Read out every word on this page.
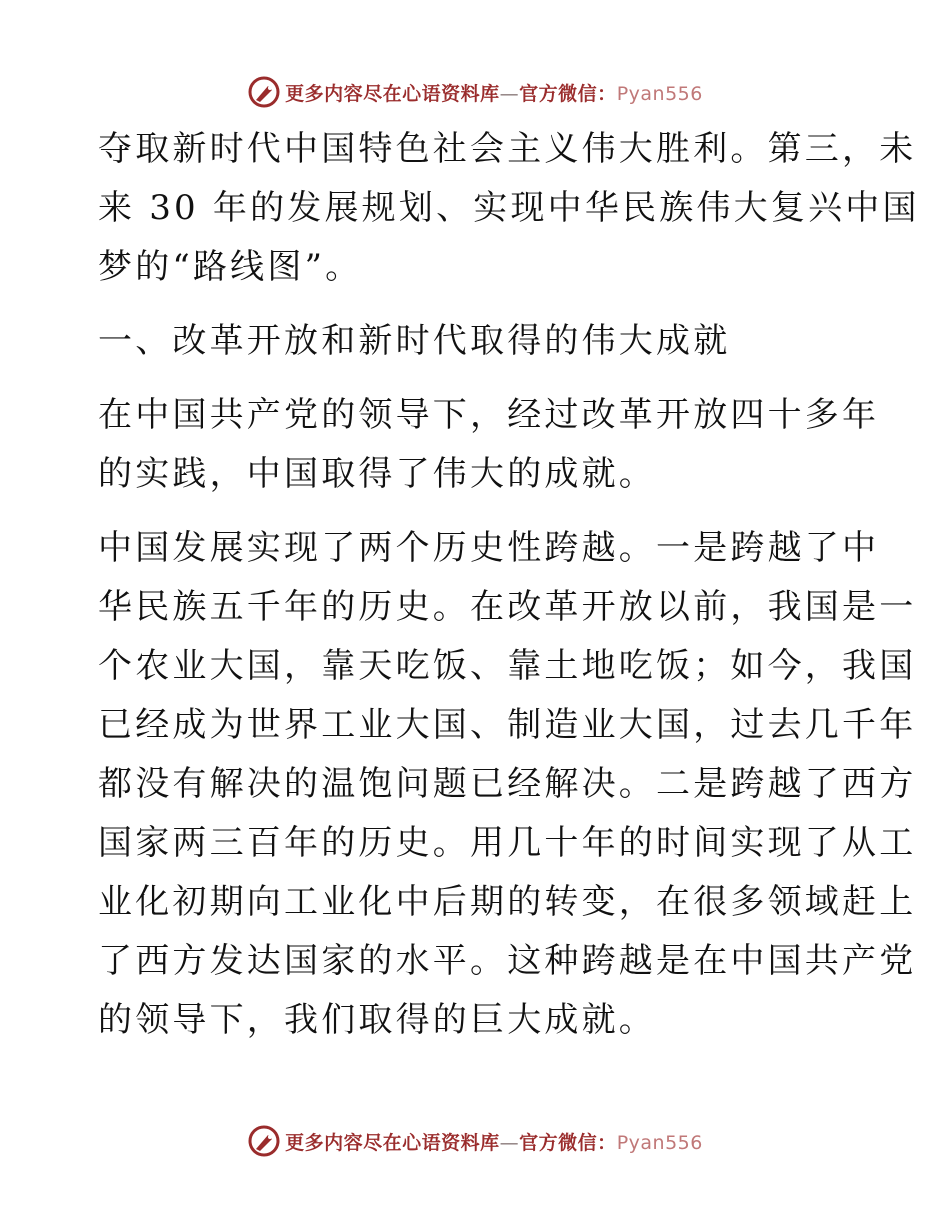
更多内容尽在心语资料库—官方微信：Pyan556
夺取新时代中国特色社会主义伟大胜利。第三，未
来 30 年的发展规划、实现中华民族伟大复兴中国
梦的“路线图”。
一、改革开放和新时代取得的伟大成就
在中国共产党的领导下，经过改革开放四十多年
的实践，中国取得了伟大的成就。
中国发展实现了两个历史性跨越。一是跨越了中
华民族五千年的历史。在改革开放以前，我国是一
个农业大国，靠天吃饭、靠土地吃饭；如今，我国
已经成为世界工业大国、制造业大国，过去几千年
都没有解决的温饱问题已经解决。二是跨越了西方
国家两三百年的历史。用几十年的时间实现了从工
业化初期向工业化中后期的转变，在很多领域赶上
了西方发达国家的水平。这种跨越是在中国共产党
的领导下，我们取得的巨大成就。
更多内容尽在心语资料库—官方微信：Pyan556
